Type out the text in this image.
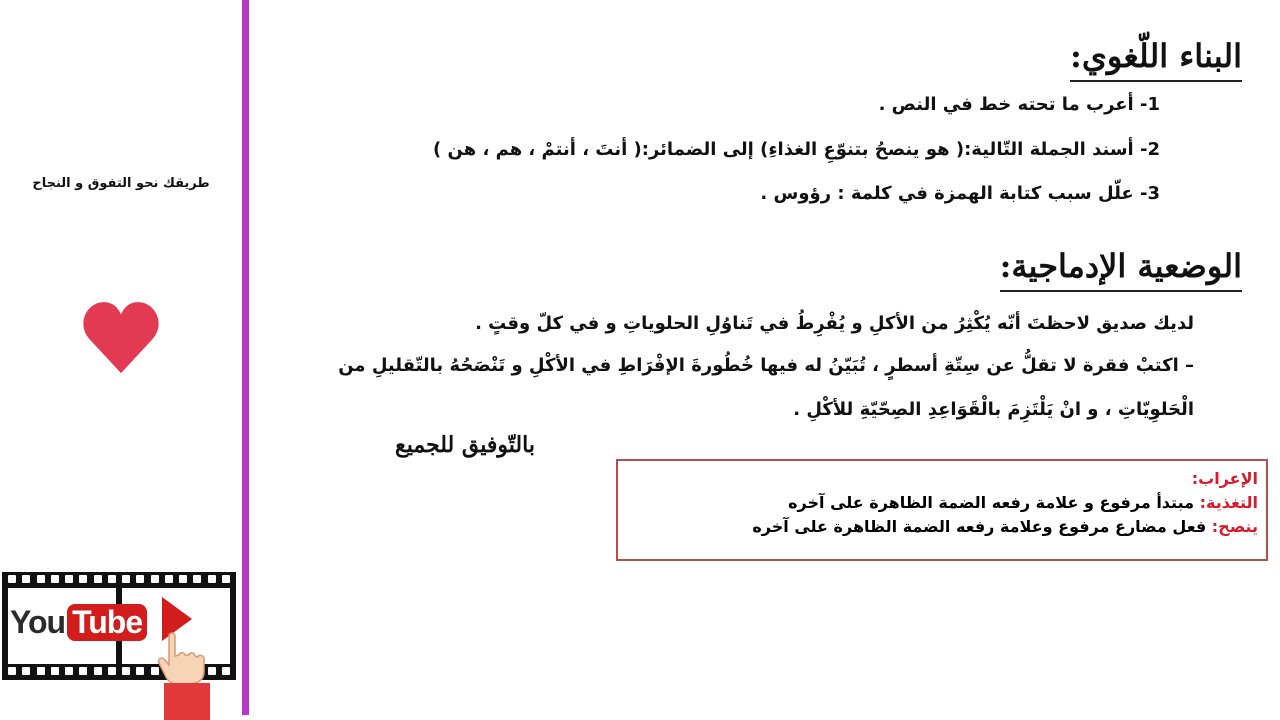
طريقك نحو التفوق و النجاح
You Tube
البناء اللّغوي:
1- أعرب ما تحته خط في النص .
2- أسند الجملة التّالية:( هو ينصحُ بتنوّعِ الغذاءِ) إلى الضمائر:( أنتَ ، أنتمْ ، هم ، هن )
3- علّل سبب كتابة الهمزة في كلمة : رؤوس .
الوضعية الإدماجية:
لديك صديق لاحظتَ أنّه يُكْثِرُ من الأكلِ و يُفْرِطُ في تَناوُلِ الحلوياتِ و في كلّ وقتٍ .
– اكتبْ فقرة لا تقلُّ عن سِتّةِ أسطرٍ ، تُبَيّنُ له فيها خُطُورةَ الإفْرَاطِ في الأكْلِ و تَنْصَحُهُ بالتّقليلِ من
الْحَلوِيّاتِ ، و انْ يَلْتَزِمَ بالْقَوَاعِدِ الصِحّيّةِ للأكْلِ .
بالتّوفيق للجميع
الإعراب:
التغذية: مبتدأ مرفوع و علامة رفعه الضمة الظاهرة على آخره
ينصح: فعل مضارع مرفوع وعلامة رفعه الضمة الظاهرة على آخره
